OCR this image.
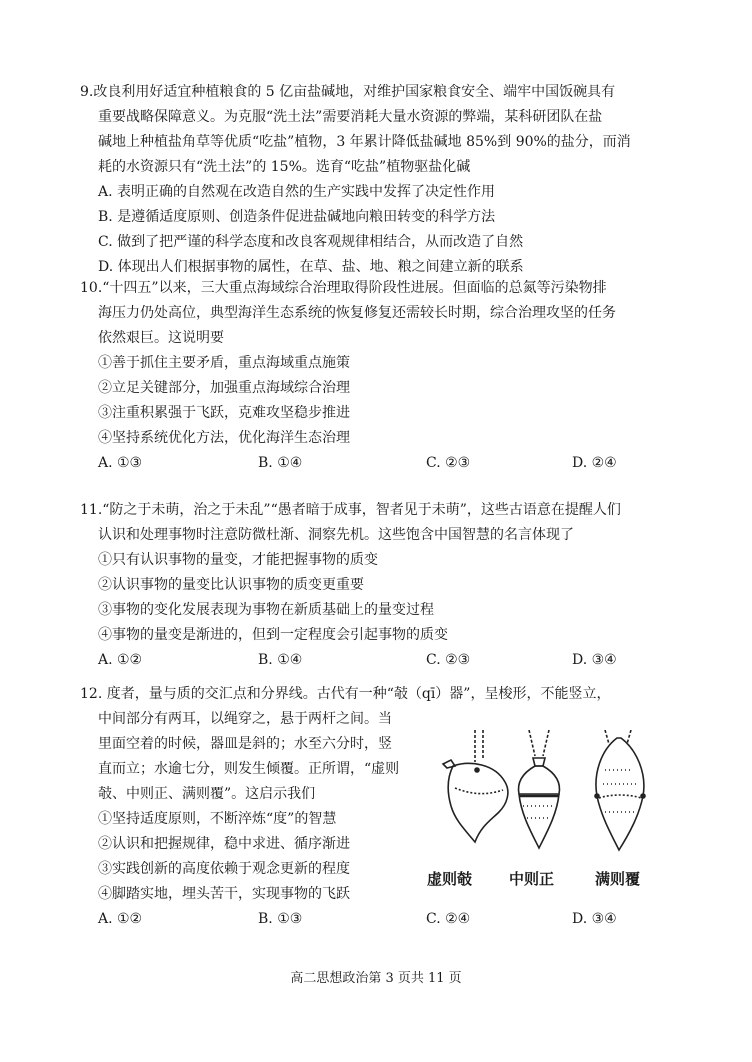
9.改良利用好适宜种植粮食的 5 亿亩盐碱地，对维护国家粮食安全、端牢中国饭碗具有
重要战略保障意义。为克服“洗土法”需要消耗大量水资源的弊端，某科研团队在盐
碱地上种植盐角草等优质“吃盐”植物，3 年累计降低盐碱地 85%到 90%的盐分，而消
耗的水资源只有“洗土法”的 15%。选育“吃盐”植物驱盐化碱
A. 表明正确的自然观在改造自然的生产实践中发挥了决定性作用
B. 是遵循适度原则、创造条件促进盐碱地向粮田转变的科学方法
C. 做到了把严谨的科学态度和改良客观规律相结合，从而改造了自然
D. 体现出人们根据事物的属性，在草、盐、地、粮之间建立新的联系
10.“十四五”以来，三大重点海域综合治理取得阶段性进展。但面临的总氮等污染物排
海压力仍处高位，典型海洋生态系统的恢复修复还需较长时期，综合治理攻坚的任务
依然艰巨。这说明要
①善于抓住主要矛盾，重点海域重点施策
②立足关键部分，加强重点海域综合治理
③注重积累强于飞跃，克难攻坚稳步推进
④坚持系统优化方法，优化海洋生态治理
A. ①③	B. ①④	C. ②③	D. ②④
11.“防之于未萌，治之于未乱”“愚者暗于成事，智者见于未萌”，这些古语意在提醒人们
认识和处理事物时注意防微杜渐、洞察先机。这些饱含中国智慧的名言体现了
①只有认识事物的量变，才能把握事物的质变
②认识事物的量变比认识事物的质变更重要
③事物的变化发展表现为事物在新质基础上的量变过程
④事物的量变是渐进的，但到一定程度会引起事物的质变
A. ①②	B. ①④	C. ②③	D. ③④
12. 度者，量与质的交汇点和分界线。古代有一种“攲（qī）器”，呈梭形，不能竖立，
中间部分有两耳，以绳穿之，悬于两杆之间。当
里面空着的时候，器皿是斜的；水至六分时，竖
直而立；水逾七分，则发生倾覆。正所谓，“虚则
攲、中则正、满则覆”。这启示我们
①坚持适度原则，不断淬炼“度”的智慧
②认识和把握规律，稳中求进、循序渐进
③实践创新的高度依赖于观念更新的程度
④脚踏实地，埋头苦干，实现事物的飞跃
A. ①②	B. ①③	C. ②④	D. ③④
虚则攲 中则正	满则覆
高二思想政治第 3 页共 11 页
